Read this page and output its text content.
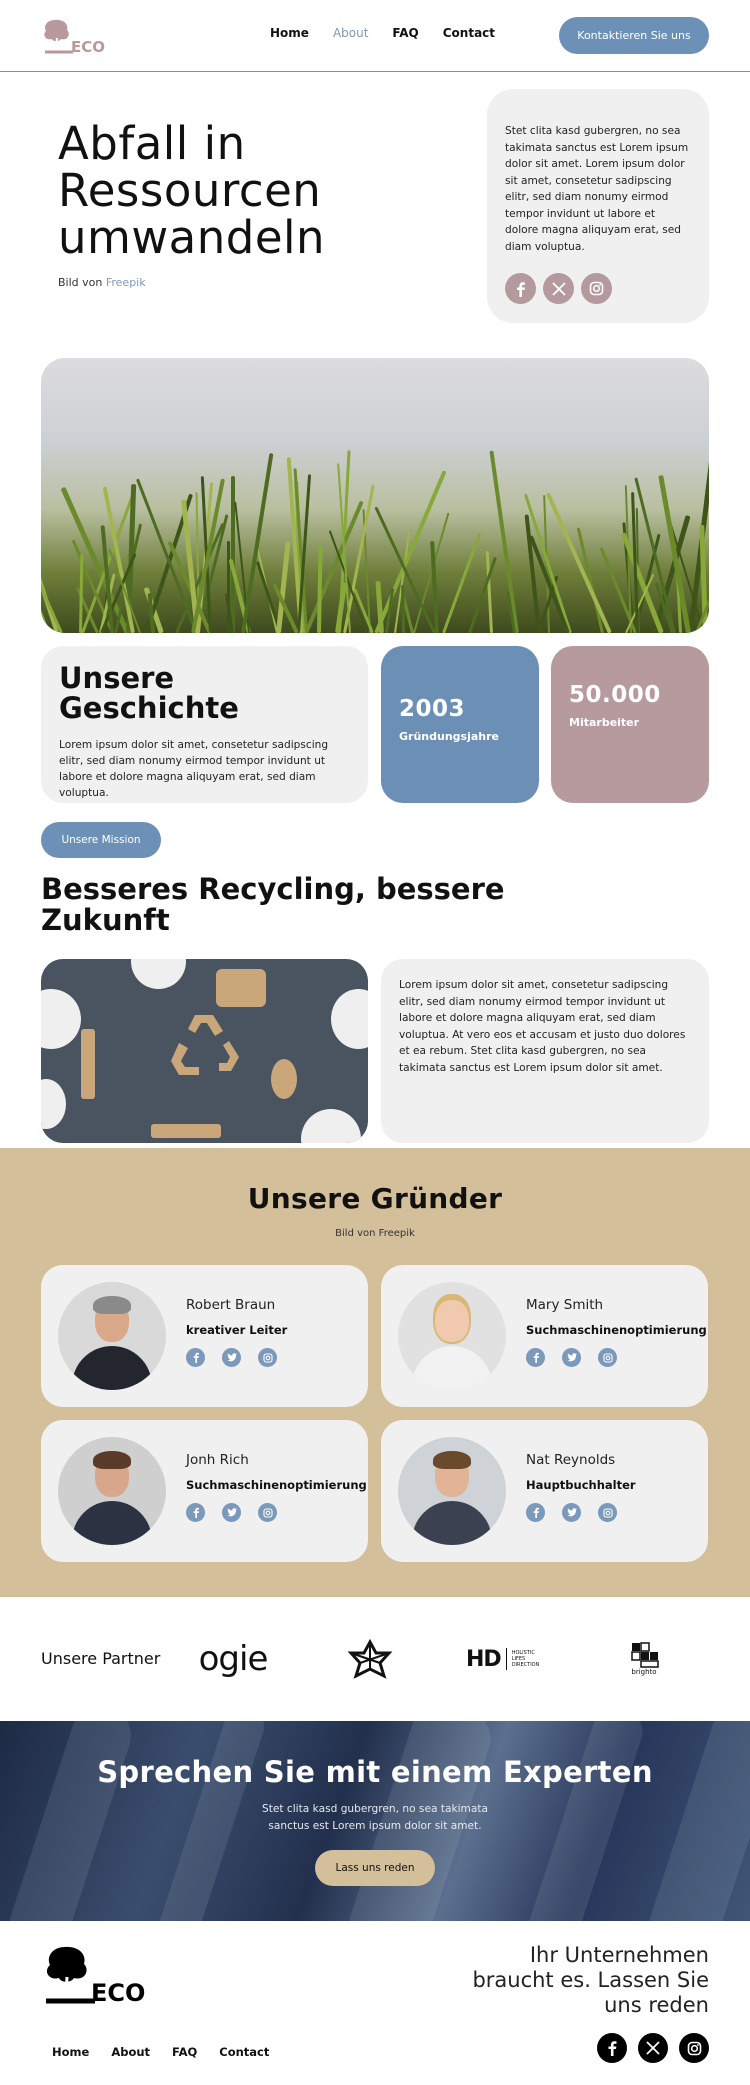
ECO
Home About FAQ Contact	Kontaktieren Sie uns
Abfall in Ressourcen umwandeln
Bild von Freepik

Stet clita kasd gubergren, no sea takimata sanctus est Lorem ipsum dolor sit amet. Lorem ipsum dolor sit amet, consetetur sadipscing elitr, sed diam nonumy eirmod tempor invidunt ut labore et dolore magna aliquyam erat, sed diam voluptua.

Unsere Geschichte

Lorem ipsum dolor sit amet, consetetur sadipscing elitr, sed diam nonumy eirmod tempor invidunt ut labore et dolore magna aliquyam erat, sed diam voluptua.

2003
Gründungsjahre
50.000
Mitarbeiter
Unsere Mission
Besseres Recycling, bessere Zukunft

Lorem ipsum dolor sit amet, consetetur sadipscing elitr, sed diam nonumy eirmod tempor invidunt ut labore et dolore magna aliquyam erat, sed diam voluptua. At vero eos et accusam et justo duo dolores et ea rebum. Stet clita kasd gubergren, no sea takimata sanctus est Lorem ipsum dolor sit amet.

Unsere Gründer
Bild von Freepik
Robert Braun
kreativer Leiter
Mary Smith
Suchmaschinenoptimierung
Jonh Rich
Suchmaschinenoptimierung
Nat Reynolds
Hauptbuchhalter
Unsere Partner ogie	HD HOLISTIC
LIFES
DIRECTION
brighto
Sprechen Sie mit einem Experten

Stet clita kasd gubergren, no sea takimata
sanctus est Lorem ipsum dolor sit amet.

Lass uns reden
ECO
Ihr Unternehmen
braucht es. Lassen Sie
uns reden
Home About FAQ Contact
